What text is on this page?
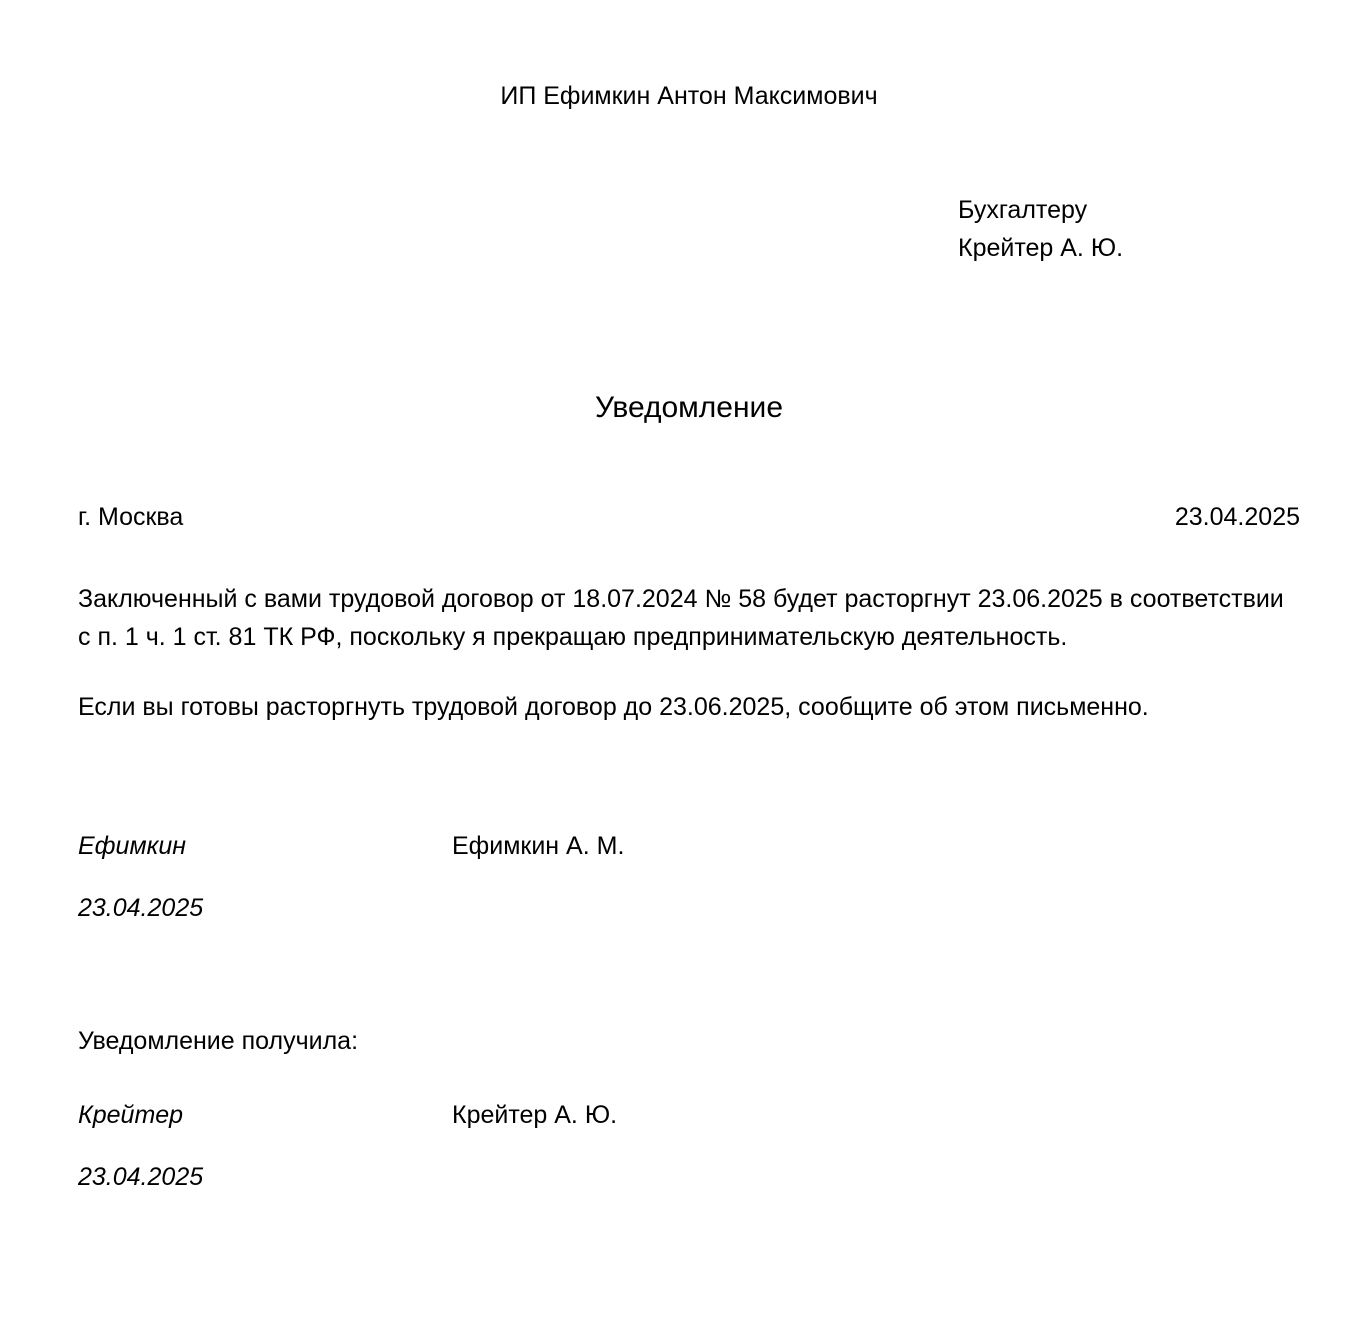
ИП Ефимкин Антон Максимович
Бухгалтеру
Крейтер А. Ю.
Уведомление
г. Москва	23.04.2025

Заключенный с вами трудовой договор от 18.07.2024 № 58 будет расторгнут 23.06.2025 в соответствии с п. 1 ч. 1 ст. 81 ТК РФ, поскольку я прекращаю предпринимательскую деятельность.

Если вы готовы расторгнуть трудовой договор до 23.06.2025, сообщите об этом письменно.

Ефимкин	Ефимкин А. М.
23.04.2025
Уведомление получила:
Крейтер	Крейтер А. Ю.
23.04.2025
